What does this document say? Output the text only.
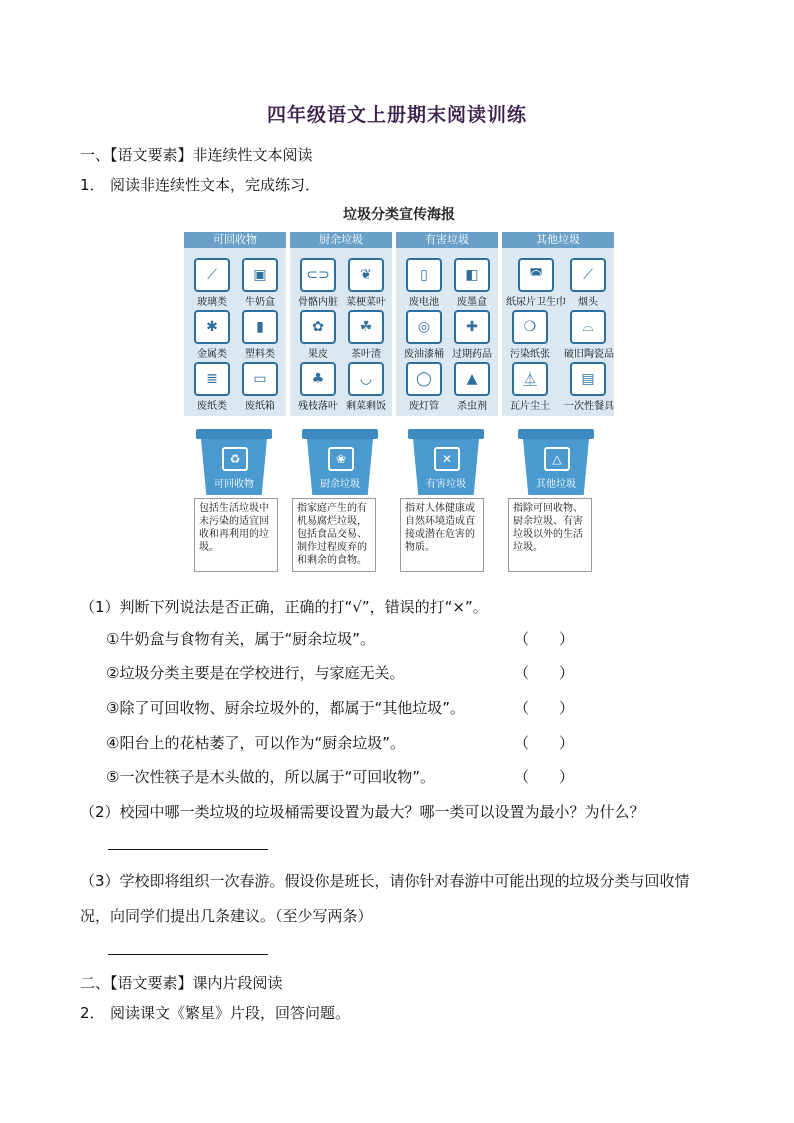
四年级语文上册期末阅读训练
一、【语文要素】非连续性文本阅读
1． 阅读非连续性文本，完成练习．
垃圾分类宣传海报
可回收物
⟋
玻璃类
▣
牛奶盒
✱
金属类
▮
塑料类
≣
废纸类
▭
废纸箱
厨余垃圾
⊂⊃
骨骼内脏
❦
菜梗菜叶
✿
果皮
☘
茶叶渣
♣
残枝落叶
◡
剩菜剩饭
有害垃圾
▯
废电池
◧
废墨盒
◎
废油漆桶
✚
过期药品
◯
废灯管
▲
杀虫剂
其他垃圾
◚
纸尿片卫生巾
⟋
烟头
❍
污染纸张
⌓
破旧陶瓷品
⏅
瓦片尘土
▤
一次性餐具
♻
可回收物
❀
厨余垃圾
✕
有害垃圾
△
其他垃圾
包括生活垃圾中未污染的适宜回收和再利用的垃圾。
指家庭产生的有机易腐烂垃圾，包括食品交易、制作过程废弃的和剩余的食物。
指对人体健康或自然环境造成直接或潜在危害的物质。
指除可回收物、厨余垃圾、有害垃圾以外的生活垃圾。
（1）判断下列说法是否正确，正确的打“√”，错误的打“×”。
①牛奶盒与食物有关，属于“厨余垃圾”。	（　　）
②垃圾分类主要是在学校进行，与家庭无关。	（　　）
③除了可回收物、厨余垃圾外的，都属于“其他垃圾”。	（　　）
④阳台上的花枯萎了，可以作为“厨余垃圾”。	（　　）
⑤一次性筷子是木头做的，所以属于“可回收物”。	（　　）
（2）校园中哪一类垃圾的垃圾桶需要设置为最大？哪一类可以设置为最小？为什么？
（3）学校即将组织一次春游。假设你是班长，请你针对春游中可能出现的垃圾分类与回收情
况，向同学们提出几条建议。（至少写两条）
二、【语文要素】课内片段阅读
2． 阅读课文《繁星》片段，回答问题。
